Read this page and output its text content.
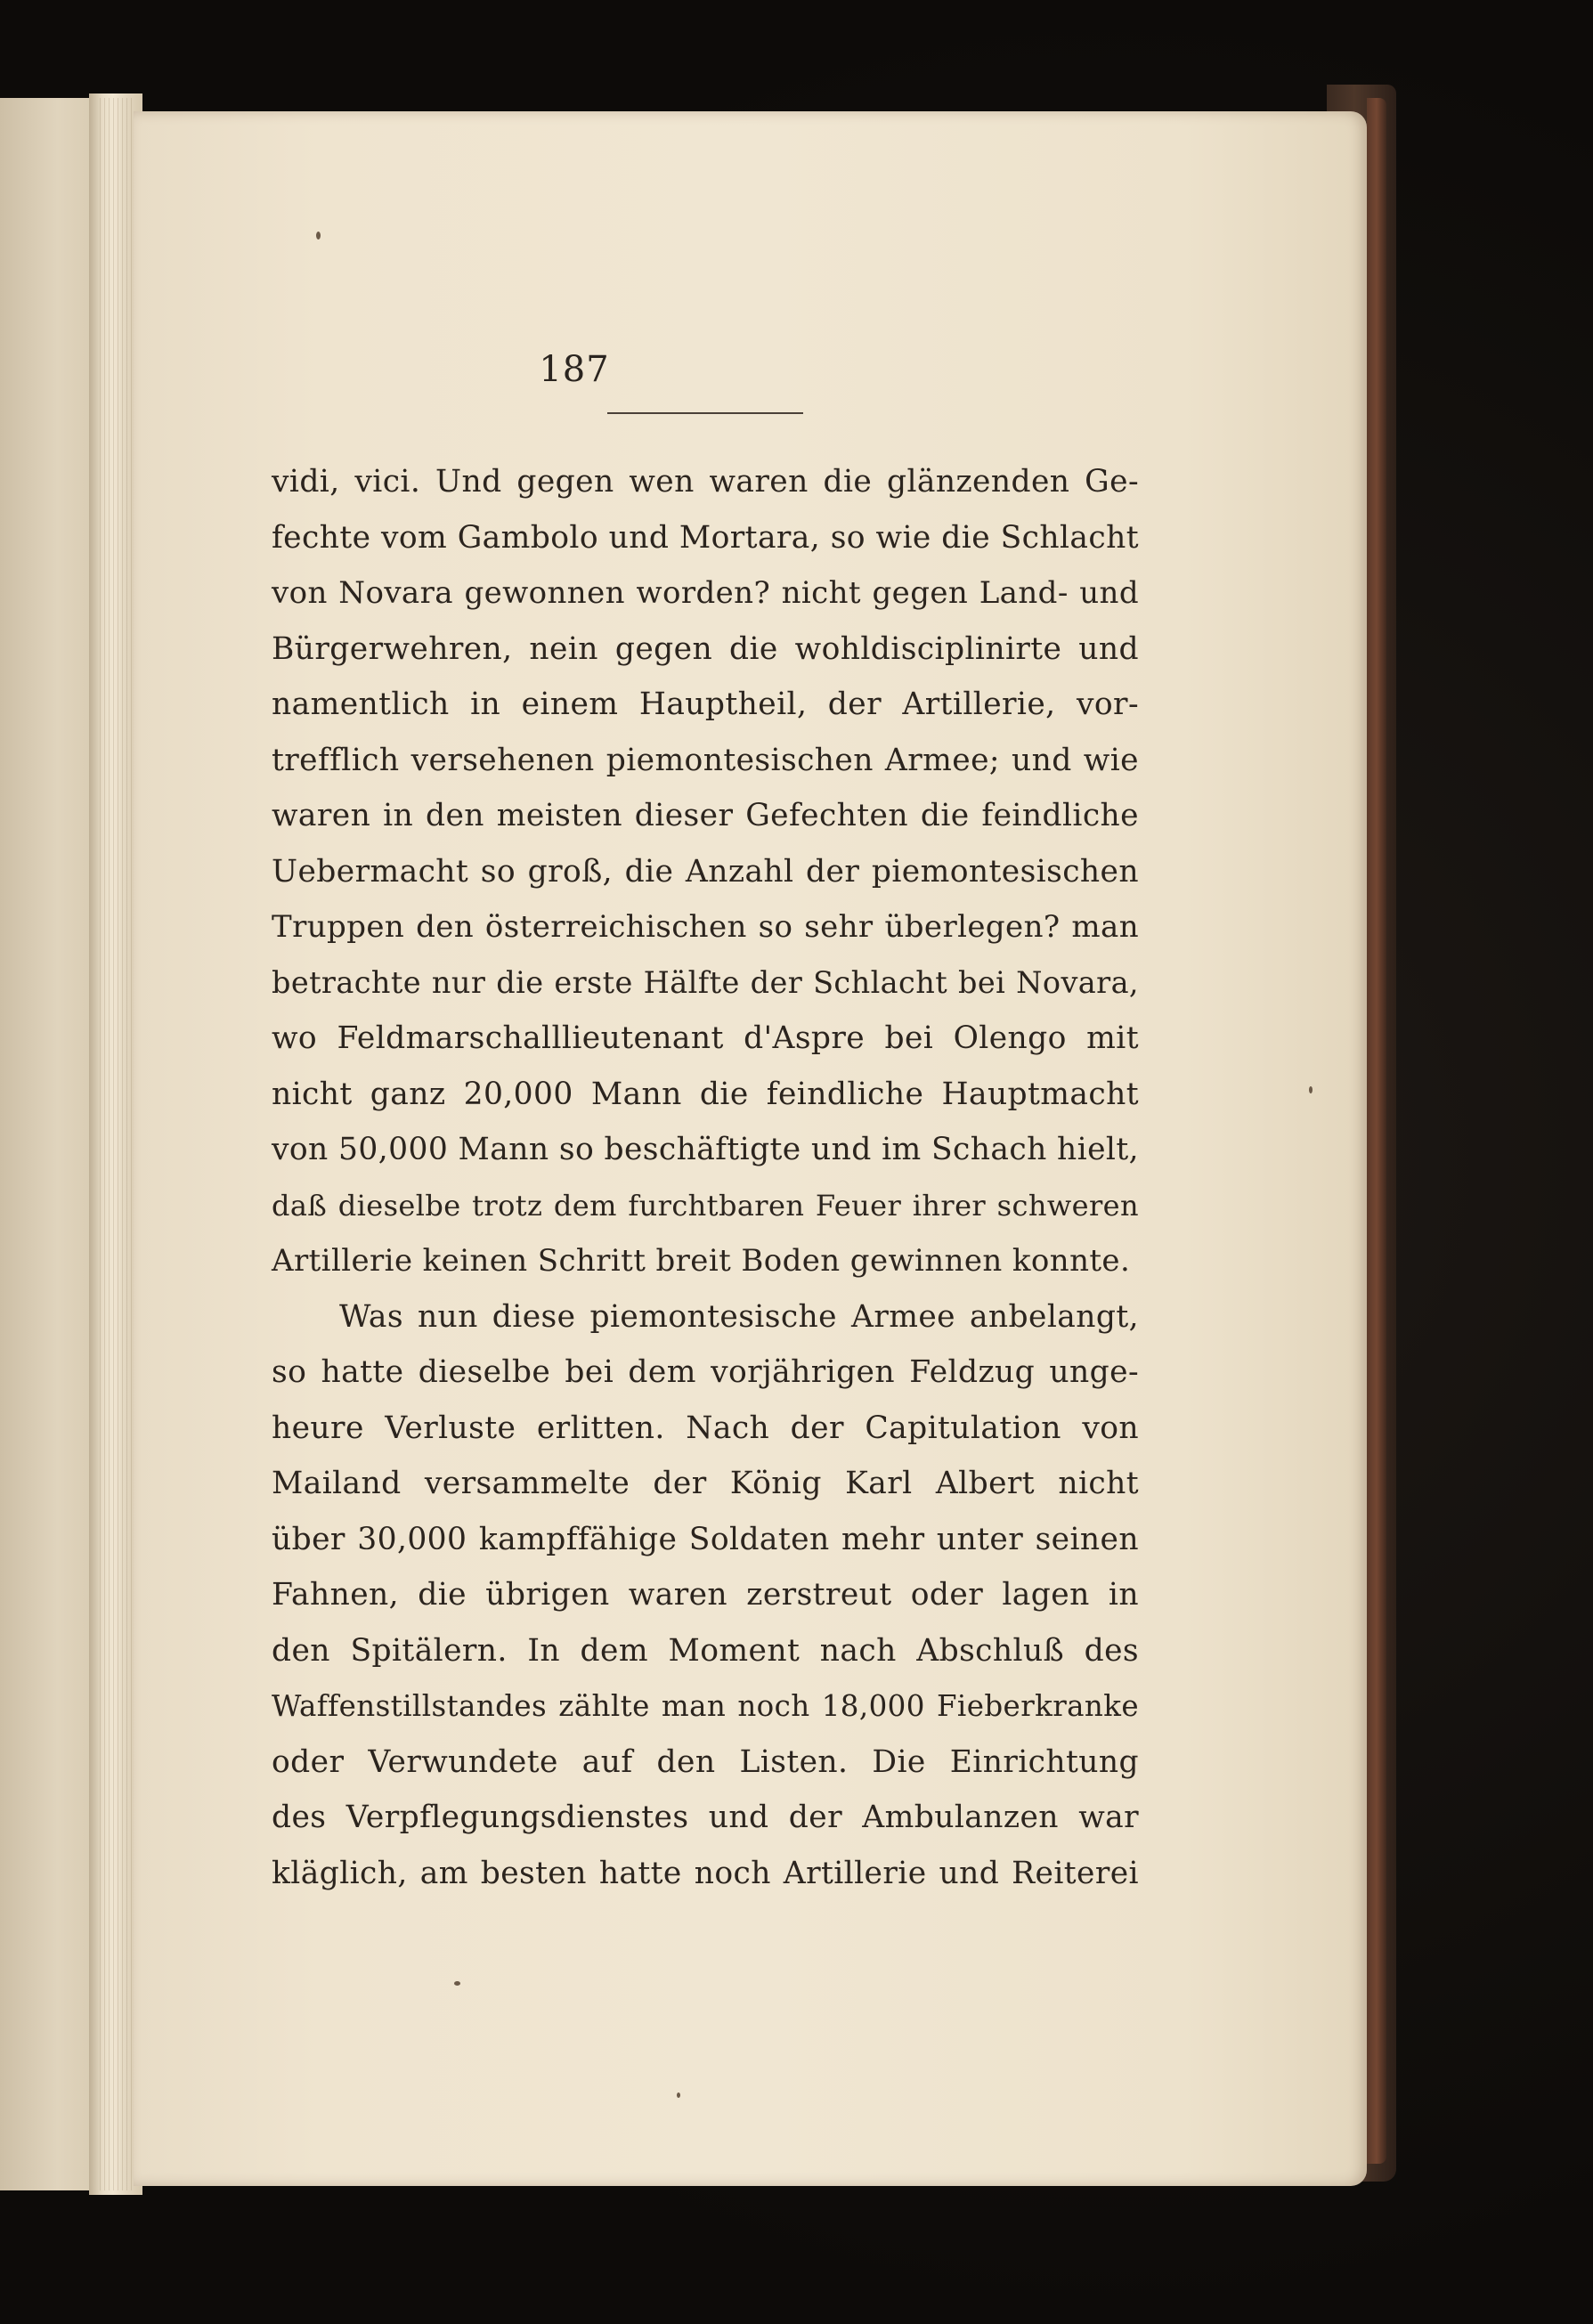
187
vidi, vici. Und gegen wen waren die glänzenden Ge-
fechte vom Gambolo und Mortara, so wie die Schlacht
von Novara gewonnen worden? nicht gegen Land- und
Bürgerwehren, nein gegen die wohldisciplinirte und
namentlich in einem Hauptheil, der Artillerie, vor-
trefflich versehenen piemontesischen Armee; und wie
waren in den meisten dieser Gefechten die feindliche
Uebermacht so groß, die Anzahl der piemontesischen
Truppen den österreichischen so sehr überlegen? man
betrachte nur die erste Hälfte der Schlacht bei Novara,
wo Feldmarschalllieutenant d'Aspre bei Olengo mit
nicht ganz 20,000 Mann die feindliche Hauptmacht
von 50,000 Mann so beschäftigte und im Schach hielt,
daß dieselbe trotz dem furchtbaren Feuer ihrer schweren
Artillerie keinen Schritt breit Boden gewinnen konnte.
Was nun diese piemontesische Armee anbelangt,
so hatte dieselbe bei dem vorjährigen Feldzug unge-
heure Verluste erlitten. Nach der Capitulation von
Mailand versammelte der König Karl Albert nicht
über 30,000 kampffähige Soldaten mehr unter seinen
Fahnen, die übrigen waren zerstreut oder lagen in
den Spitälern. In dem Moment nach Abschluß des
Waffenstillstandes zählte man noch 18,000 Fieberkranke
oder Verwundete auf den Listen. Die Einrichtung
des Verpflegungsdienstes und der Ambulanzen war
kläglich, am besten hatte noch Artillerie und Reiterei
